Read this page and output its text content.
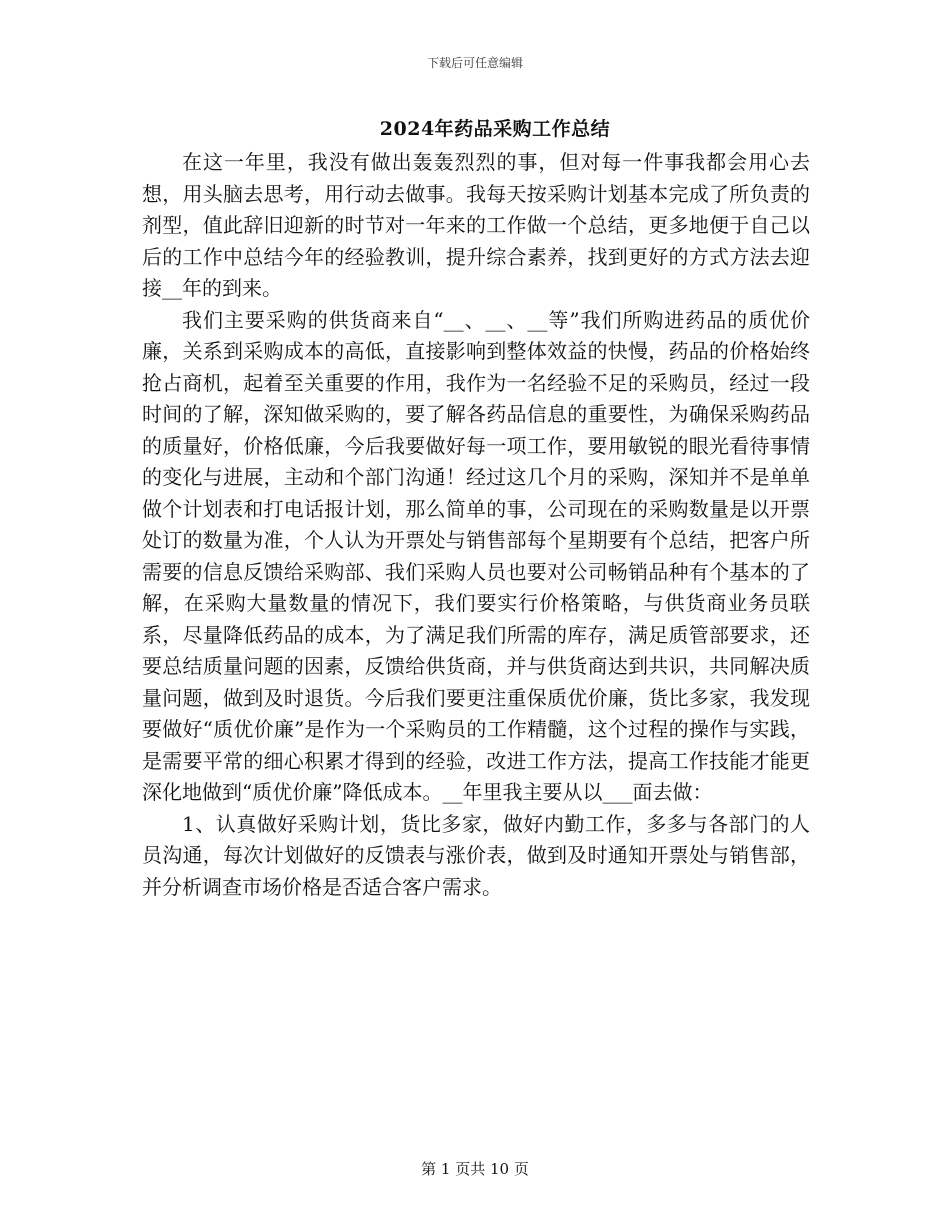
下载后可任意编辑
2024年药品采购工作总结

在这一年里，我没有做出轰轰烈烈的事，但对每一件事我都会用心去想，用头脑去思考，用行动去做事。我每天按采购计划基本完成了所负责的剂型，值此辞旧迎新的时节对一年来的工作做一个总结，更多地便于自己以后的工作中总结今年的经验教训，提升综合素养，找到更好的方式方法去迎接__年的到来。

我们主要采购的供货商来自“__、__、__等”我们所购进药品的质优价廉，关系到采购成本的高低，直接影响到整体效益的快慢，药品的价格始终抢占商机，起着至关重要的作用，我作为一名经验不足的采购员，经过一段时间的了解，深知做采购的，要了解各药品信息的重要性，为确保采购药品的质量好，价格低廉，今后我要做好每一项工作，要用敏锐的眼光看待事情的变化与进展，主动和个部门沟通！经过这几个月的采购，深知并不是单单做个计划表和打电话报计划，那么简单的事，公司现在的采购数量是以开票处订的数量为准，个人认为开票处与销售部每个星期要有个总结，把客户所需要的信息反馈给采购部、我们采购人员也要对公司畅销品种有个基本的了解，在采购大量数量的情况下，我们要实行价格策略，与供货商业务员联系，尽量降低药品的成本，为了满足我们所需的库存，满足质管部要求，还要总结质量问题的因素，反馈给供货商，并与供货商达到共识，共同解决质量问题，做到及时退货。今后我们要更注重保质优价廉，货比多家，我发现要做好“质优价廉”是作为一个采购员的工作精髓，这个过程的操作与实践，是需要平常的细心积累才得到的经验，改进工作方法，提高工作技能才能更深化地做到“质优价廉”降低成本。__年里我主要从以___面去做：

1、认真做好采购计划，货比多家，做好内勤工作，多多与各部门的人员沟通，每次计划做好的反馈表与涨价表，做到及时通知开票处与销售部，并分析调查市场价格是否适合客户需求。

第 1 页共 10 页
